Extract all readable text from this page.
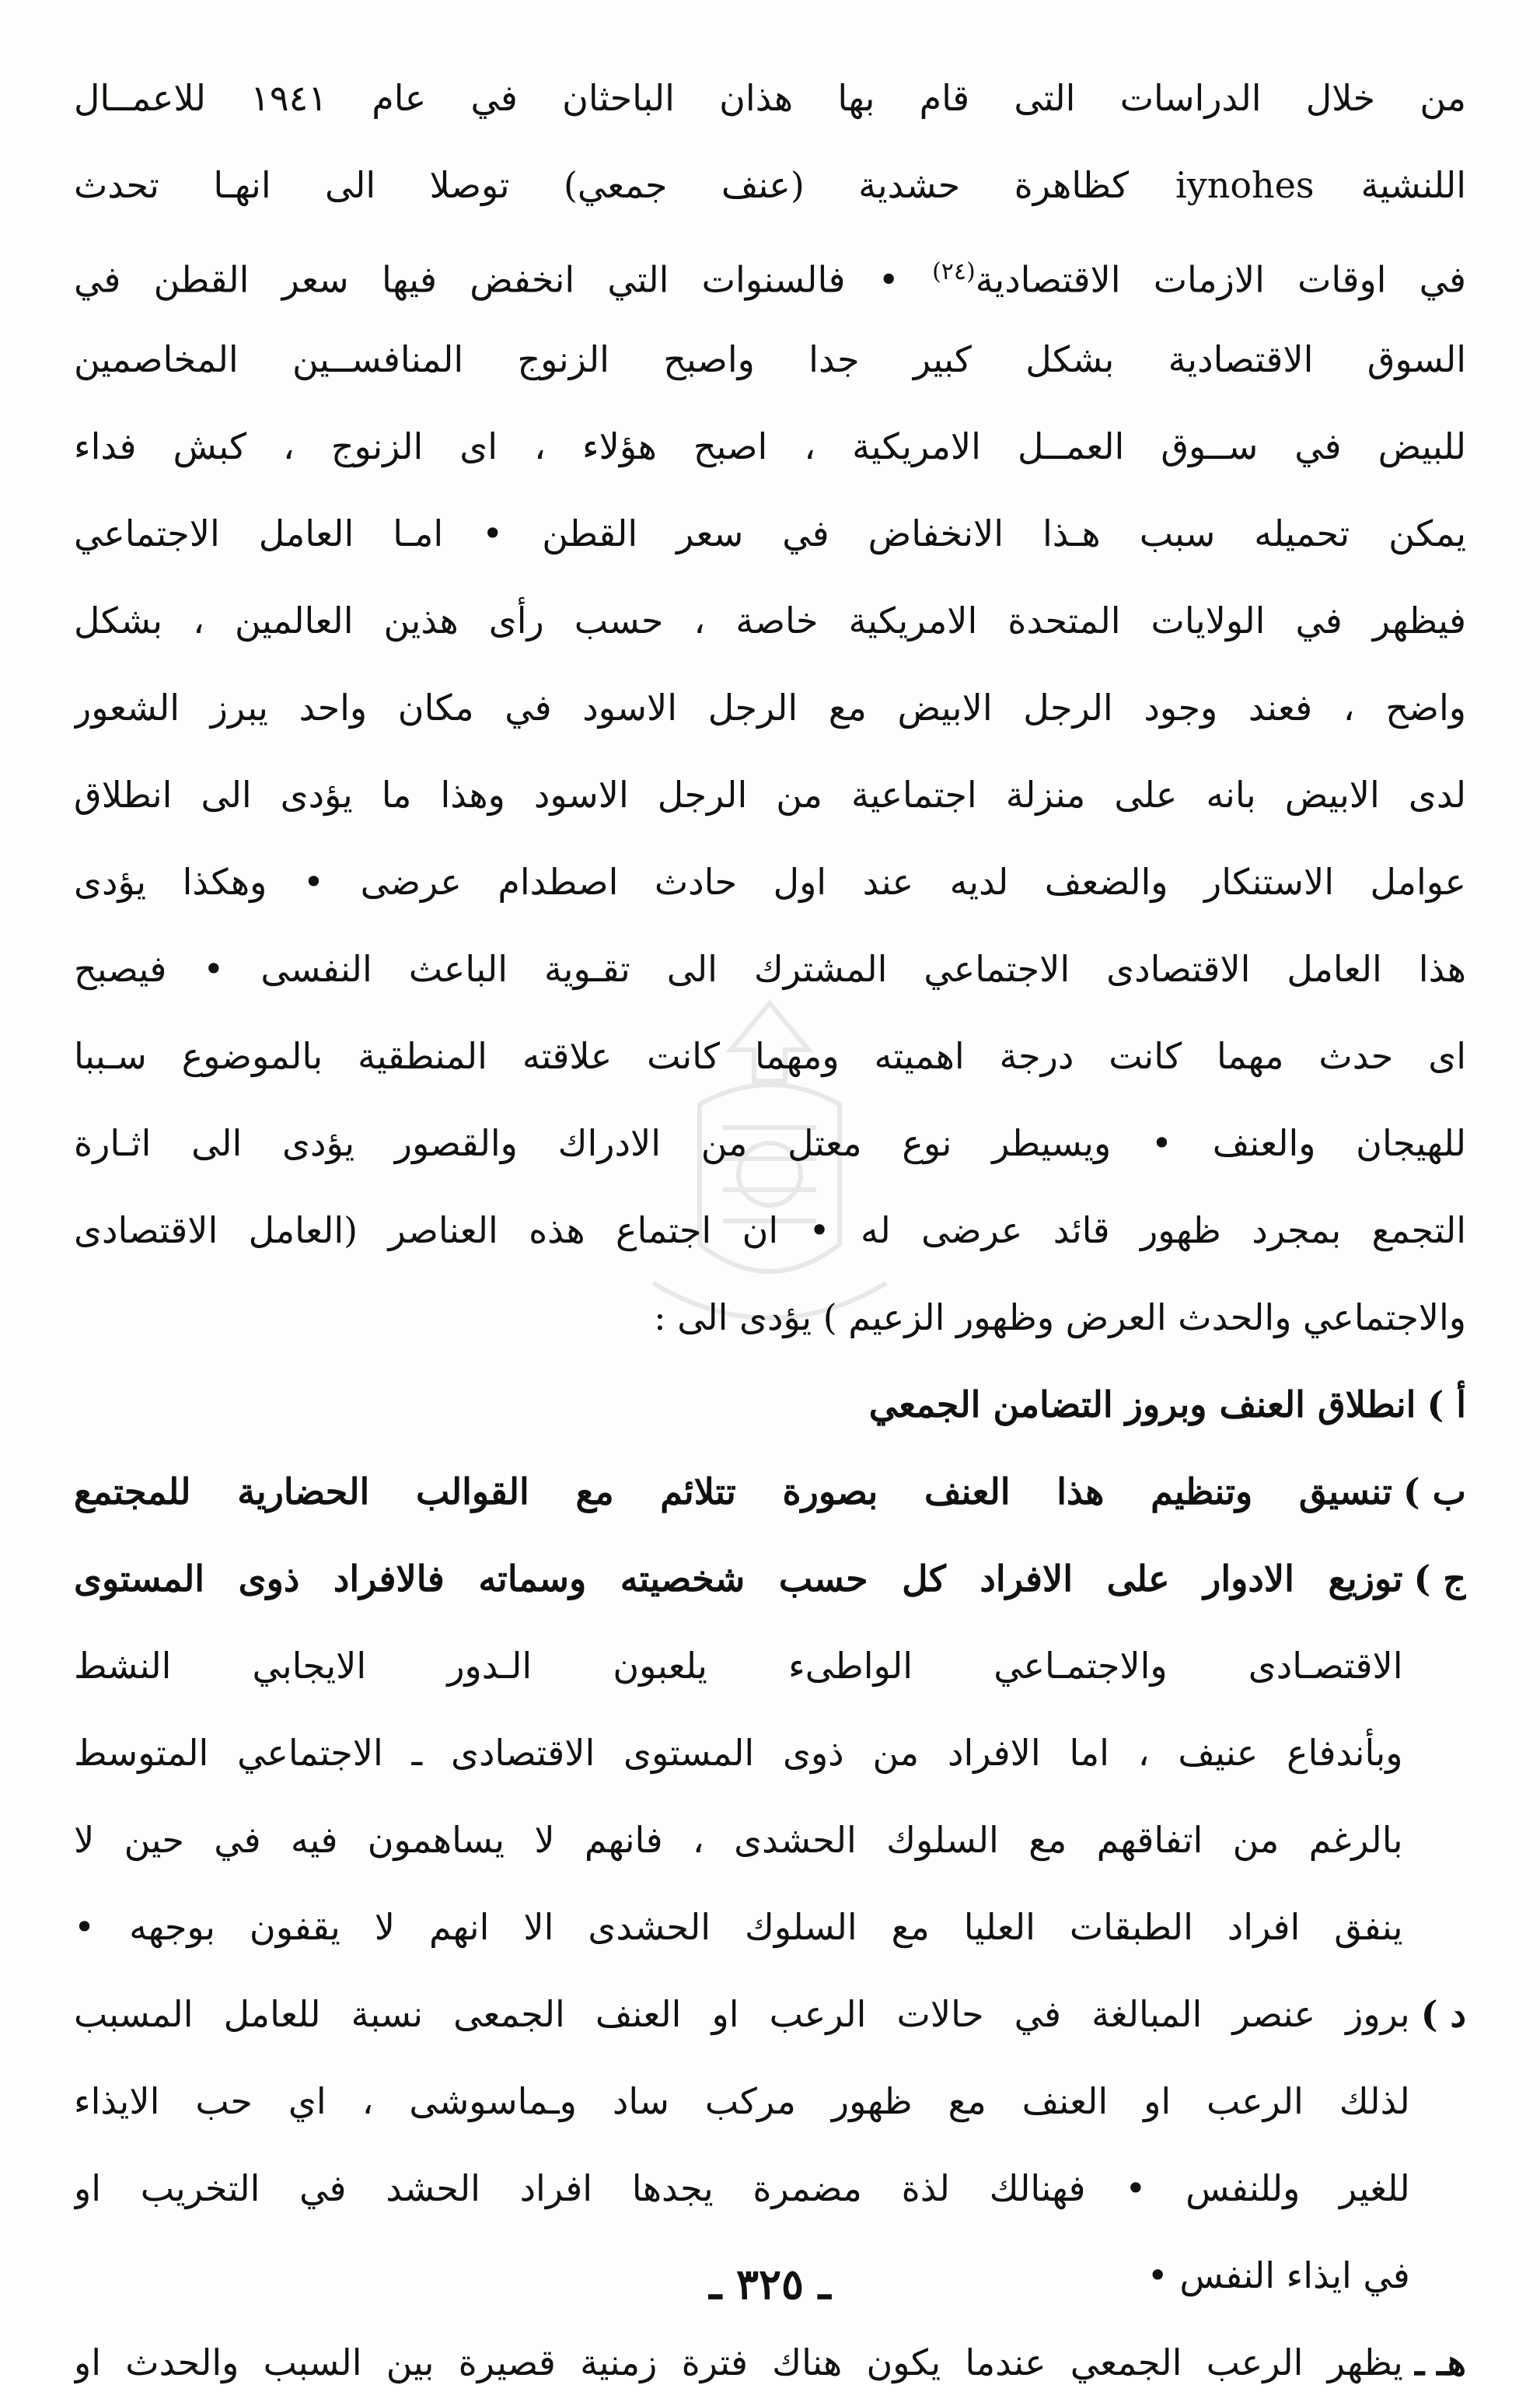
من خلال الدراسات التى قام بها هذان الباحثان في عام ١٩٤١ للاعمــال
اللنشيةiynohesكظاهرة حشدية (عنف جمعي) توصلا الى انهـا تحدث
في اوقات الازمات الاقتصادية$^{(٢٤)}$ • فالسنوات التي انخفض فيها سعر القطن في
السوق الاقتصادية بشكل كبير جدا واصبح الزنوج المنافســين المخاصمين
للبيض في ســوق العمــل الامريكية ، اصبح هؤلاء ، اى الزنوج ، كبش فداء
يمكن تحميله سبب هـذا الانخفاض في سعر القطن • امـا العامل الاجتماعي
فيظهر في الولايات المتحدة الامريكية خاصة ، حسب رأى هذين العالمين ، بشكل
واضح ، فعند وجود الرجل الابيض مع الرجل الاسود في مكان واحد يبرز الشعور
لدى الابيض بانه على منزلة اجتماعية من الرجل الاسود وهذا ما يؤدى الى انطلاق
عوامل الاستنكار والضعف لديه عند اول حادث اصطدام عرضى • وهكذا يؤدى
هذا العامل الاقتصادى الاجتماعي المشترك الى تقـوية الباعث النفسى • فيصبح
اى حدث مهما كانت درجة اهميته ومهما كانت علاقته المنطقية بالموضوع سـببا
للهيجان والعنف • ويسيطر نوع معتل من الادراك والقصور يؤدى الى اثـارة
التجمع بمجرد ظهور قائد عرضى له • ان اجتماع هذه العناصر (العامل الاقتصادى
والاجتماعي والحدث العرض وظهور الزعيم ) يؤدى الى :
أ )
انطلاق العنف وبروز التضامن الجمعي
ب )
تنسيق وتنظيم هذا العنف بصورة تتلائم مع القوالب الحضارية للمجتمع
ج )
توزيع الادوار على الافراد كل حسب شخصيته وسماته فالافراد ذوى المستوى
الاقتصـادى والاجتمـاعي الواطىء يلعبون الـدور الايجابي النشط
وبأندفاع عنيف ، اما الافراد من ذوى المستوى الاقتصادى ـ الاجتماعي المتوسط
بالرغم من اتفاقهم مع السلوك الحشدى ، فانهم لا يساهمون فيه في حين لا
ينفق افراد الطبقات العليا مع السلوك الحشدى الا انهم لا يقفون بوجهه •
د )
بروز عنصر المبالغة في حالات الرعب او العنف الجمعى نسبة للعامل المسبب
لذلك الرعب او العنف مع ظهور مركب ساد وـماسوشى ، اي حب الايذاء
للغير وللنفس • فهنالك لذة مضمرة يجدها افراد الحشد في التخريب او
في ايذاء النفس •
هـ ـ
يظهر الرعب الجمعي عندما يكون هناك فترة زمنية قصيرة بين السبب والحدث او
ـ ٣٢٥ ـ
